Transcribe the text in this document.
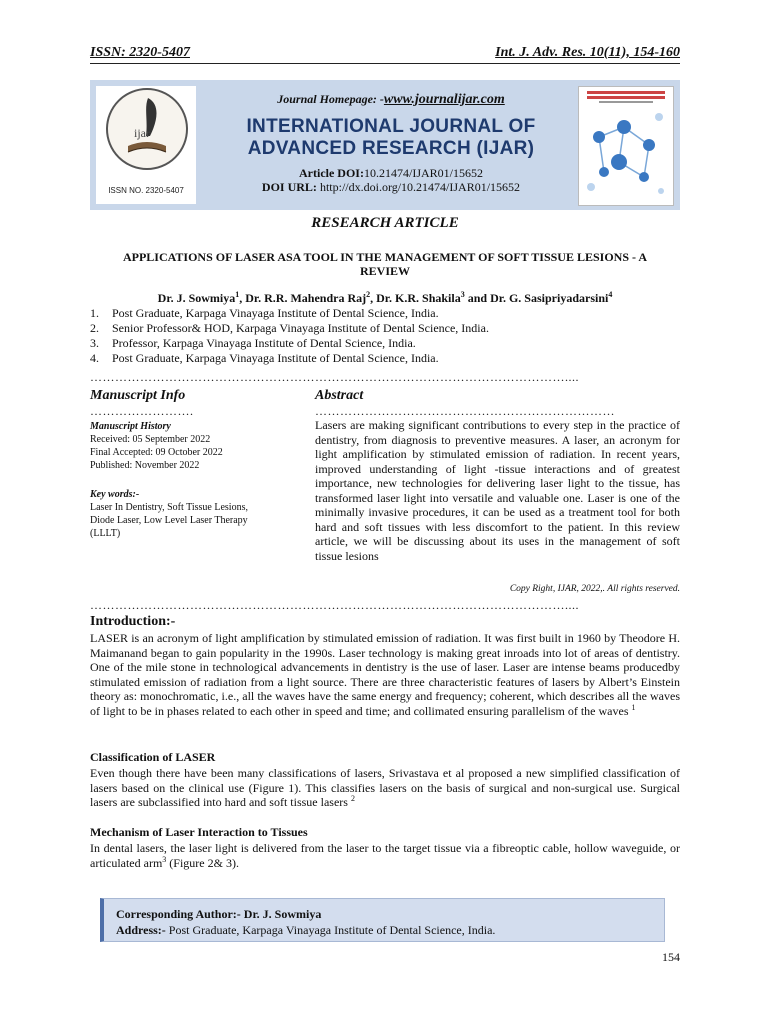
ISSN: 2320-5407	Int. J. Adv. Res. 10(11), 154-160
ijar
ISSN NO. 2320-5407
Journal Homepage: -www.journalijar.com
INTERNATIONAL JOURNAL OF
ADVANCED RESEARCH (IJAR)
Article DOI:10.21474/IJAR01/15652
DOI URL: http://dx.doi.org/10.21474/IJAR01/15652
RESEARCH ARTICLE
APPLICATIONS OF LASER ASA TOOL IN THE MANAGEMENT OF SOFT TISSUE LESIONS - A
REVIEW
Dr. J. Sowmiya$^1$, Dr. R.R. Mahendra Raj$^2$, Dr. K.R. Shakila$^3$ and Dr. G. Sasipriyadarsini$^4$
1.	Post Graduate, Karpaga Vinayaga Institute of Dental Science, India.
2.	Senior Professor& HOD, Karpaga Vinayaga Institute of Dental Science, India.
3.	Professor, Karpaga Vinayaga Institute of Dental Science, India.
4.	Post Graduate, Karpaga Vinayaga Institute of Dental Science, India.
……………………………………………………………………………………………………....
Manuscript Info	Abstract
…………………….	………………………………………………………………
Manuscript History
Received: 05 September 2022
Final Accepted: 09 October 2022
Published: November 2022
Key words:-
Laser In Dentistry, Soft Tissue Lesions, Diode Laser, Low Level Laser Therapy (LLLT)
Lasers are making significant contributions to every step in the practice of dentistry, from diagnosis to preventive measures. A laser, an acronym for light amplification by stimulated emission of radiation. In recent years, improved understanding of light -tissue interactions and of greatest importance, new technologies for delivering laser light to the tissue, has transformed laser light into versatile and valuable one. Laser is one of the minimally invasive procedures, it can be used as a treatment tool for both hard and soft tissues with less discomfort to the patient. In this review article, we will be discussing about its uses in the management of soft tissue lesions
Copy Right, IJAR, 2022,. All rights reserved.
……………………………………………………………………………………………………....
Introduction:-
LASER is an acronym of light amplification by stimulated emission of radiation. It was first built in 1960 by Theodore H. Maimanand began to gain popularity in the 1990s. Laser technology is making great inroads into lot of areas of dentistry. One of the mile stone in technological advancements in dentistry is the use of laser. Laser are intense beams producedby stimulated emission of radiation from a light source. There are three characteristic features of lasers by Albert’s Einstein theory as: monochromatic, i.e., all the waves have the same energy and frequency; coherent, which describes all the waves of light to be in phases related to each other in speed and time; and collimated ensuring parallelism of the waves $^1$
Classification of LASER
Even though there have been many classifications of lasers, Srivastava et al proposed a new simplified classification of lasers based on the clinical use (Figure 1). This classifies lasers on the basis of surgical and non-surgical use. Surgical lasers are subclassified into hard and soft tissue lasers $^2$
Mechanism of Laser Interaction to Tissues
In dental lasers, the laser light is delivered from the laser to the target tissue via a fibreoptic cable, hollow waveguide, or articulated arm$^3$ (Figure 2& 3).
Corresponding Author:- Dr. J. Sowmiya
Address:- Post Graduate, Karpaga Vinayaga Institute of Dental Science, India.
154
